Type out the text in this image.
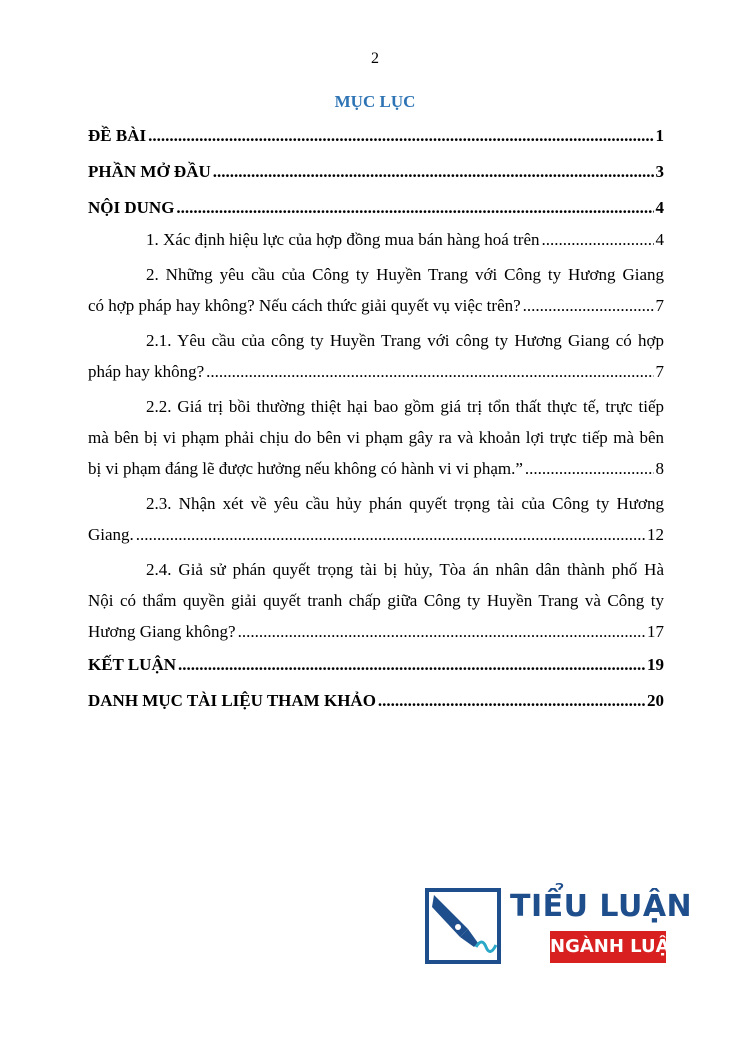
2
MỤC LỤC
ĐỀ BÀI .....	1
PHẦN MỞ ĐẦU .....	3
NỘI DUNG .....	4
1. Xác định hiệu lực của hợp đồng mua bán hàng hoá trên .....	4
2. Những yêu cầu của Công ty Huyền Trang với Công ty Hương Giang
có hợp pháp hay không? Nếu cách thức giải quyết vụ việc trên? .....	7
2.1. Yêu cầu của công ty Huyền Trang với công ty Hương Giang có hợp
pháp hay không? .....	7
2.2. Giá trị bồi thường thiệt hại bao gồm giá trị tổn thất thực tế, trực tiếp
mà bên bị vi phạm phải chịu do bên vi phạm gây ra và khoản lợi trực tiếp mà bên
bị vi phạm đáng lẽ được hưởng nếu không có hành vi vi phạm.” .....	8
2.3. Nhận xét về yêu cầu hủy phán quyết trọng tài của Công ty Hương
Giang. .....	12
2.4. Giả sử phán quyết trọng tài bị hủy, Tòa án nhân dân thành phố Hà
Nội có thẩm quyền giải quyết tranh chấp giữa Công ty Huyền Trang và Công ty
Hương Giang không? .....	17
KẾT LUẬN .....	19
DANH MỤC TÀI LIỆU THAM KHẢO .....	20
TIỂU LUẬN
NGÀNH LUẬT
